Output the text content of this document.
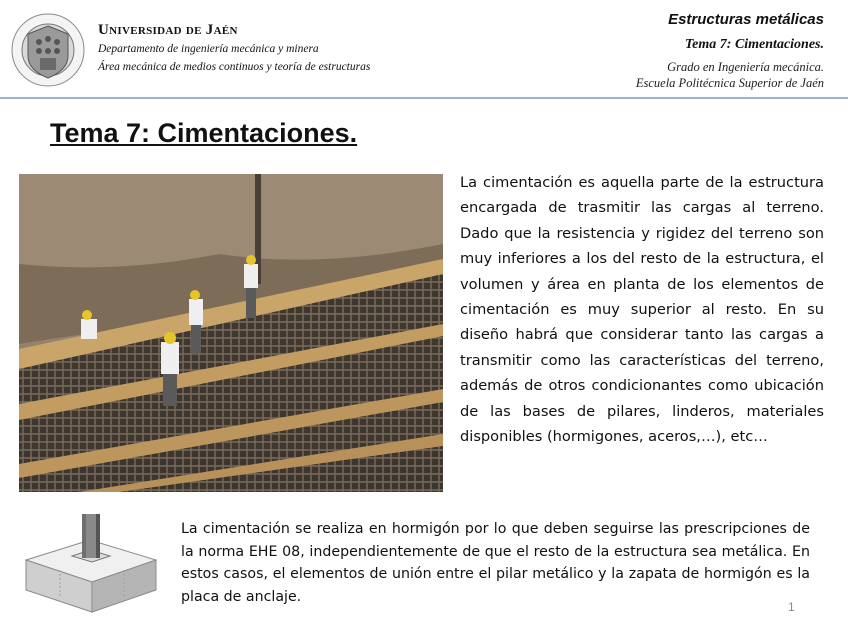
Universidad de Jaén
Departamento de ingeniería mecánica y minera
Área mecánica de medios continuos y teoría de estructuras
Estructuras metálicas
Tema 7: Cimentaciones.
Grado en Ingeniería mecánica.
Escuela Politécnica Superior de Jaén
Tema 7: Cimentaciones.
La cimentación es aquella parte de la estructura encargada de trasmitir las cargas al terreno. Dado que la resistencia y rigidez del terreno son muy inferiores a los del resto de la estructura, el volumen y área en planta de los elementos de cimentación es muy superior al resto. En su diseño habrá que considerar tanto las cargas a transmitir como las características del terreno, además de otros condicionantes como ubicación de las bases de pilares, linderos, materiales disponibles (hormigones, aceros,…), etc…
La cimentación se realiza en hormigón por lo que deben seguirse las prescripciones de la norma EHE 08, independientemente de que el resto de la estructura sea metálica. En estos casos, el elementos de unión entre el pilar metálico y la zapata de hormigón es la placa de anclaje.
1
